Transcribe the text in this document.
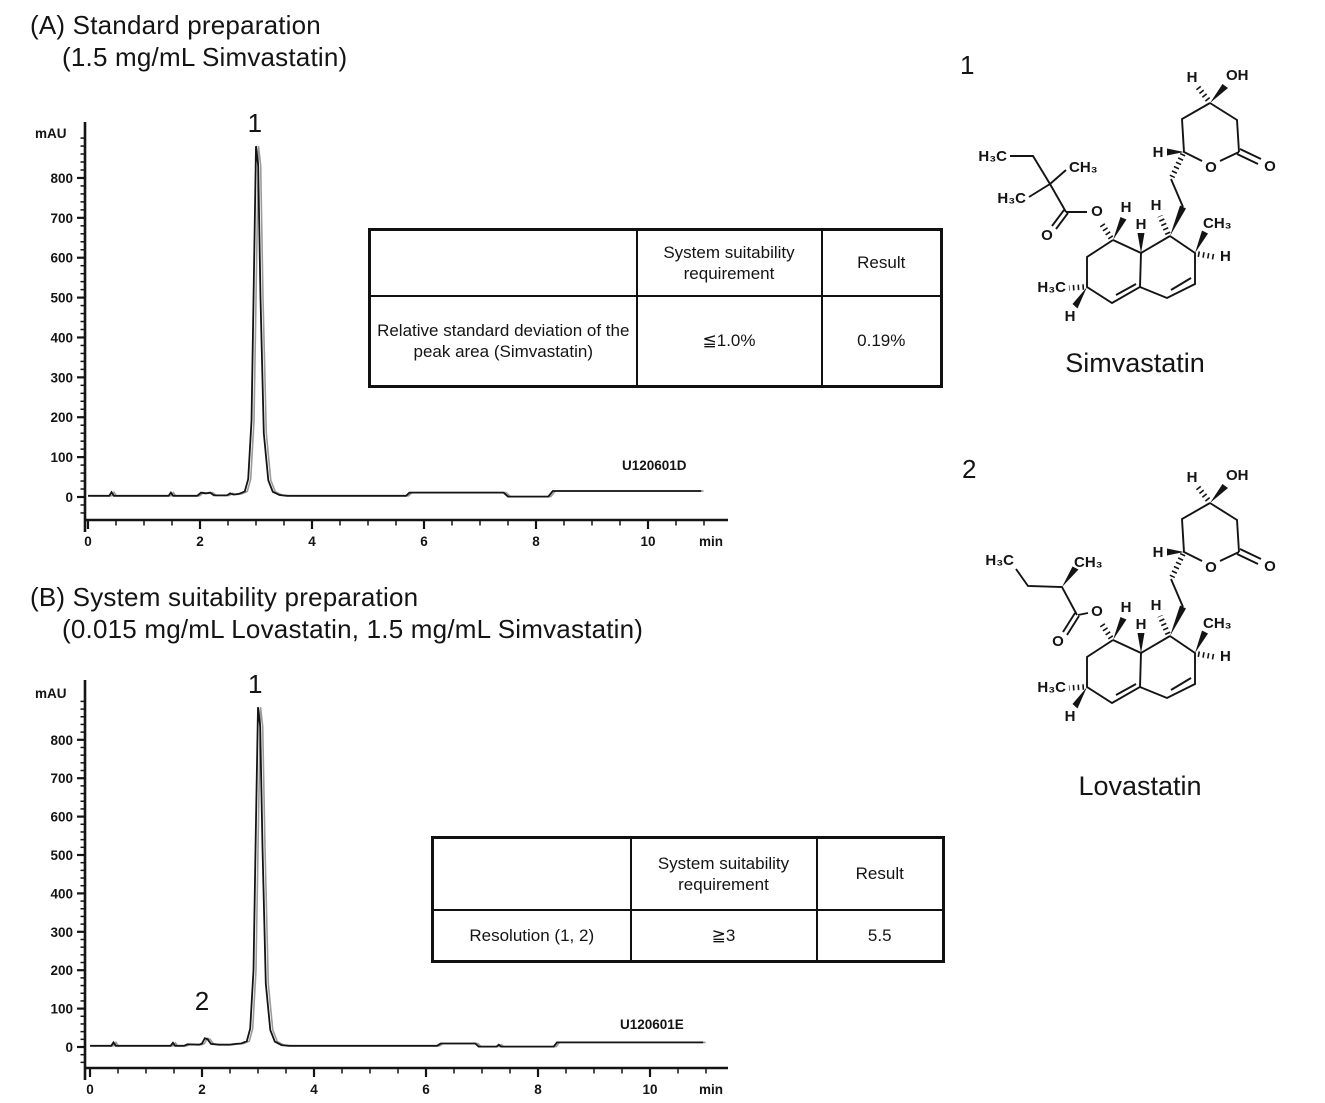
(A) Standard preparation
(1.5 mg/mL Simvastatin)
0
100
200
300
400
500
600
700
800
0	2	4	6	8	10
mAU
min
U120601D
1
	System suitability requirement	Result
Relative standard deviation of the peak area (Simvastatin)	≦1.0%	0.19%
(B) System suitability preparation
(0.015 mg/mL Lovastatin, 1.5 mg/mL Simvastatin)
0
100
200
300
400
500
600
700
800
0	2	4	6	8	10
mAU
min
U120601E
1
2
	System suitability requirement	Result
Resolution (1, 2)	≧3	5.5
1	H OH
O	O
H
H H
H	CH₃
H
H₃C
H
O
O
CH₃
H₃C
H₃C
Simvastatin
2	H OH
O	O
H
H H
H	CH₃
H
H₃C
H
O
O
CH₃
H₃C
Lovastatin
